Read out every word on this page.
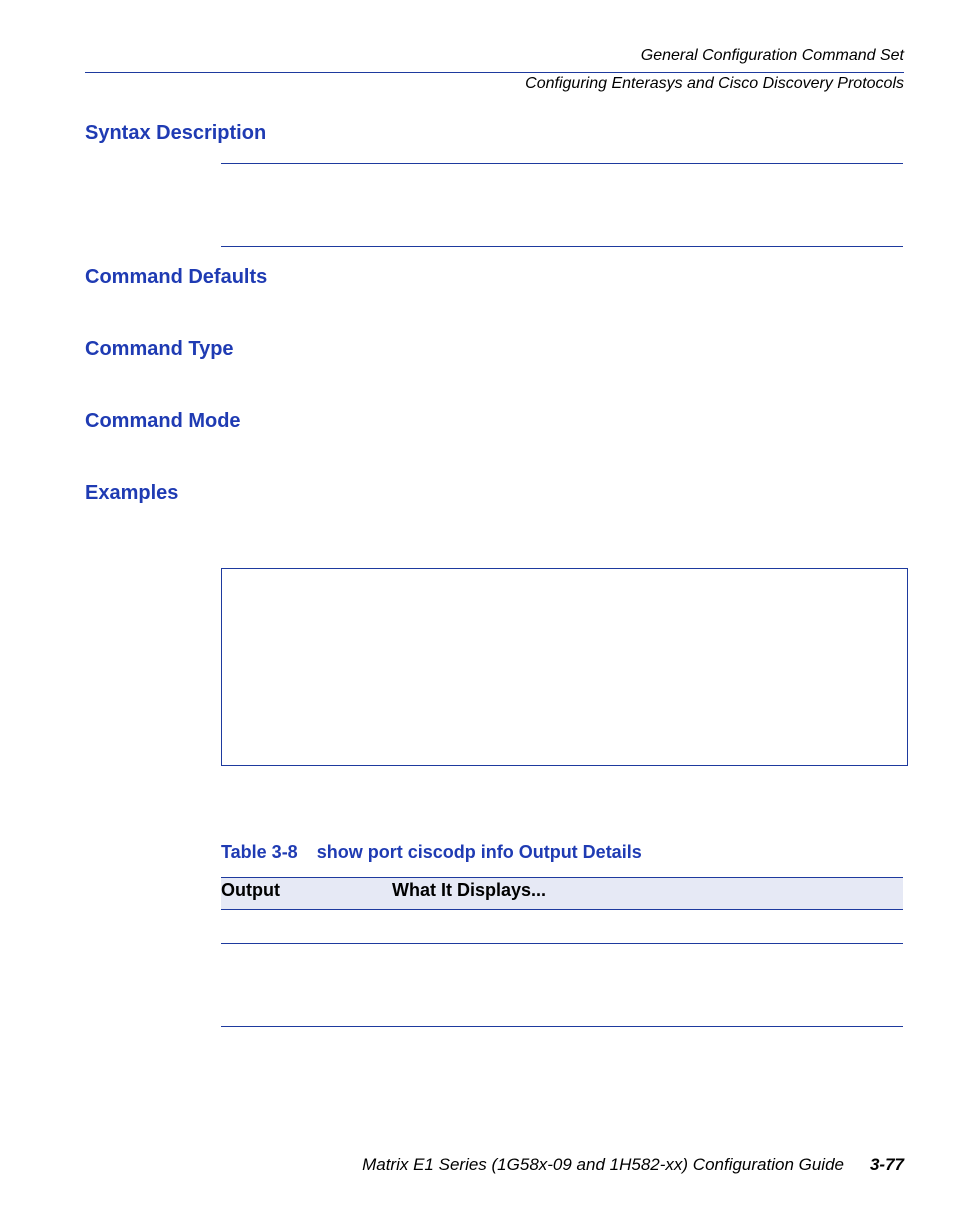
General Configuration Command Set
Configuring Enterasys and Cisco Discovery Protocols
Syntax Description
Command Defaults
Command Type
Command Mode
Examples
Table 3-8 show port ciscodp info Output Details
Output	What It Displays...
Matrix E1 Series (1G58x-09 and 1H582-xx) Configuration Guide 3-77
